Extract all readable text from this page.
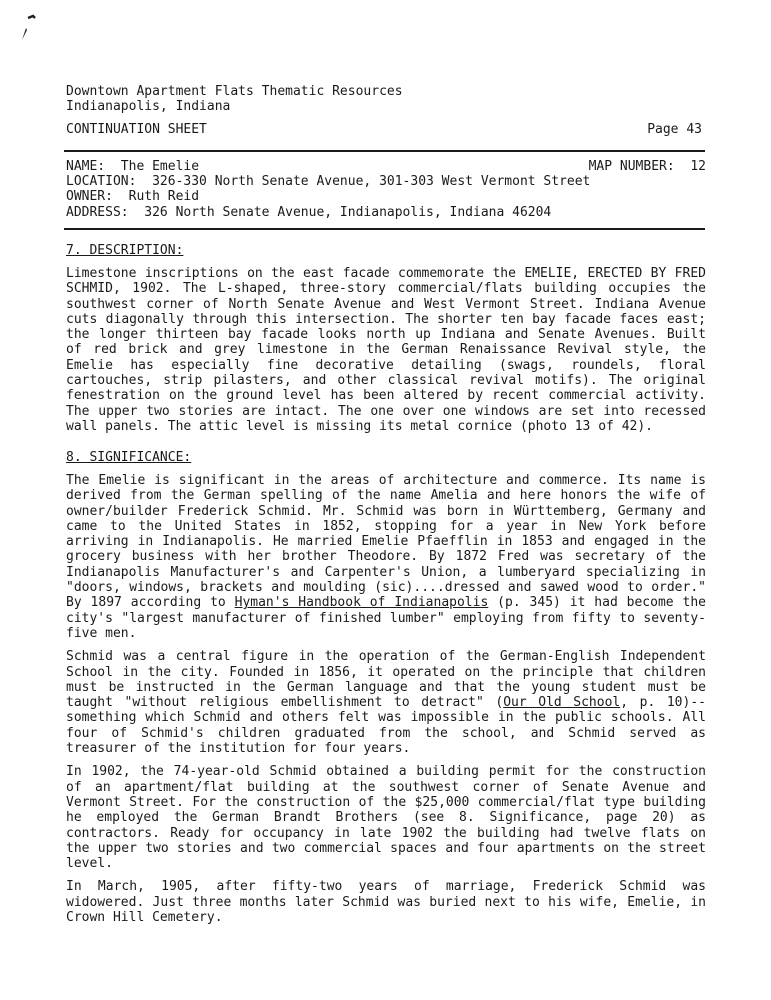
Downtown Apartment Flats Thematic Resources
Indianapolis, Indiana
CONTINUATION SHEET	Page 43
NAME:  The Emelie	MAP NUMBER:  12
LOCATION:  326-330 North Senate Avenue, 301-303 West Vermont Street
OWNER:  Ruth Reid
ADDRESS:  326 North Senate Avenue, Indianapolis, Indiana 46204
7. DESCRIPTION:
Limestone inscriptions on the east facade commemorate the EMELIE, ERECTED BY FRED SCHMID, 1902. The L-shaped, three-story commercial/flats building occupies the southwest corner of North Senate Avenue and West Vermont Street. Indiana Avenue cuts diagonally through this intersection. The shorter ten bay facade faces east; the longer thirteen bay facade looks north up Indiana and Senate Avenues. Built of red brick and grey limestone in the German Renaissance Revival style, the Emelie has especially fine decorative detailing (swags, roundels, floral cartouches, strip pilasters, and other classical revival motifs). The original fenestration on the ground level has been altered by recent commercial activity. The upper two stories are intact. The one over one windows are set into recessed wall panels. The attic level is missing its metal cornice (photo 13 of 42).
8. SIGNIFICANCE:
The Emelie is significant in the areas of architecture and commerce. Its name is derived from the German spelling of the name Amelia and here honors the wife of owner/builder Frederick Schmid. Mr. Schmid was born in Württemberg, Germany and came to the United States in 1852, stopping for a year in New York before arriving in Indianapolis. He married Emelie Pfaefflin in 1853 and engaged in the grocery business with her brother Theodore. By 1872 Fred was secretary of the Indianapolis Manufacturer's and Carpenter's Union, a lumberyard specializing in "doors, windows, brackets and moulding (sic)....dressed and sawed wood to order." By 1897 according to Hyman's Handbook of Indianapolis (p. 345) it had become the city's "largest manufacturer of finished lumber" employing from fifty to seventy-five men.
Schmid was a central figure in the operation of the German-English Independent School in the city. Founded in 1856, it operated on the principle that children must be instructed in the German language and that the young student must be taught "without religious embellishment to detract" (Our Old School, p. 10)--something which Schmid and others felt was impossible in the public schools. All four of Schmid's children graduated from the school, and Schmid served as treasurer of the institution for four years.
In 1902, the 74-year-old Schmid obtained a building permit for the construction of an apartment/flat building at the southwest corner of Senate Avenue and Vermont Street. For the construction of the $25,000 commercial/flat type building he employed the German Brandt Brothers (see 8. Significance, page 20) as contractors. Ready for occupancy in late 1902 the building had twelve flats on the upper two stories and two commercial spaces and four apartments on the street level.
In March, 1905, after fifty-two years of marriage, Frederick Schmid was widowered. Just three months later Schmid was buried next to his wife, Emelie, in Crown Hill Cemetery.
